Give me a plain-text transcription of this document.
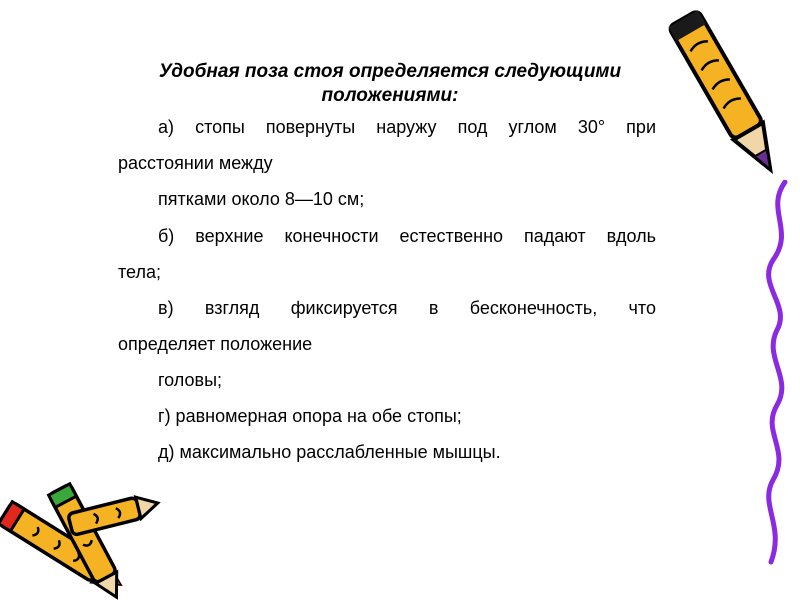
Удобная поза стоя определяется следующими положениями:
а) стопы повернуты наружу под углом 30° при
расстоянии между
пятками около 8—10 см;
б) верхние конечности естественно падают вдоль
тела;
в) взгляд фиксируется в бесконечность, что
определяет положение
головы;
г) равномерная опора на обе стопы;
д) максимально расслабленные мышцы.
